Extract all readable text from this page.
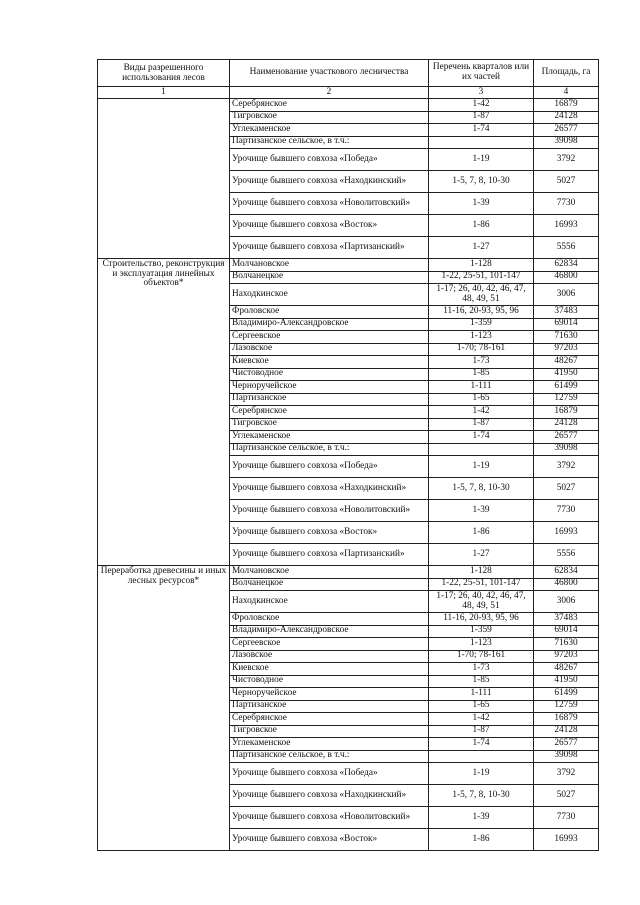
Виды разрешенного использования лесов	Наименование участкового лесничества	Перечень кварталов или их частей	Площадь, га
1	2	3	4
	Серебрянское	1-42	16879
	Тигровское	1-87	24128
	Углекаменское	1-74	26577
	Партизанское сельское, в т.ч.:		39098
	Урочище бывшего совхоза «Победа»	1-19	3792
	Урочище бывшего совхоза «Находкинский»	1-5, 7, 8, 10-30	5027
	Урочище бывшего совхоза «Новолитовский»	1-39	7730
	Урочище бывшего совхоза «Восток»	1-86	16993
	Урочище бывшего совхоза «Партизанский»	1-27	5556
Строительство, реконструкция и эксплуатация линейных объектов*	Молчановское	1-128	62834
	Волчанецкое	1-22, 25-51, 101-147	46800
	Находкинское	1-17; 26, 40, 42, 46, 47, 48, 49, 51	3006
	Фроловское	11-16, 20-93, 95, 96	37483
	Владимиро-Александровское	1-359	69014
	Сергеевское	1-123	71630
	Лазовское	1-70; 78-161	97203
	Киевское	1-73	48267
	Чистоводное	1-85	41950
	Черноручейское	1-111	61499
	Партизанское	1-65	12759
	Серебрянское	1-42	16879
	Тигровское	1-87	24128
	Углекаменское	1-74	26577
	Партизанское сельское, в т.ч.:		39098
	Урочище бывшего совхоза «Победа»	1-19	3792
	Урочище бывшего совхоза «Находкинский»	1-5, 7, 8, 10-30	5027
	Урочище бывшего совхоза «Новолитовский»	1-39	7730
	Урочище бывшего совхоза «Восток»	1-86	16993
	Урочище бывшего совхоза «Партизанский»	1-27	5556
Переработка древесины и иных лесных ресурсов*	Молчановское	1-128	62834
	Волчанецкое	1-22, 25-51, 101-147	46800
	Находкинское	1-17; 26, 40, 42, 46, 47, 48, 49, 51	3006
	Фроловское	11-16, 20-93, 95, 96	37483
	Владимиро-Александровское	1-359	69014
	Сергеевское	1-123	71630
	Лазовское	1-70; 78-161	97203
	Киевское	1-73	48267
	Чистоводное	1-85	41950
	Черноручейское	1-111	61499
	Партизанское	1-65	12759
	Серебрянское	1-42	16879
	Тигровское	1-87	24128
	Углекаменское	1-74	26577
	Партизанское сельское, в т.ч.:		39098
	Урочище бывшего совхоза «Победа»	1-19	3792
	Урочище бывшего совхоза «Находкинский»	1-5, 7, 8, 10-30	5027
	Урочище бывшего совхоза «Новолитовский»	1-39	7730
	Урочище бывшего совхоза «Восток»	1-86	16993
